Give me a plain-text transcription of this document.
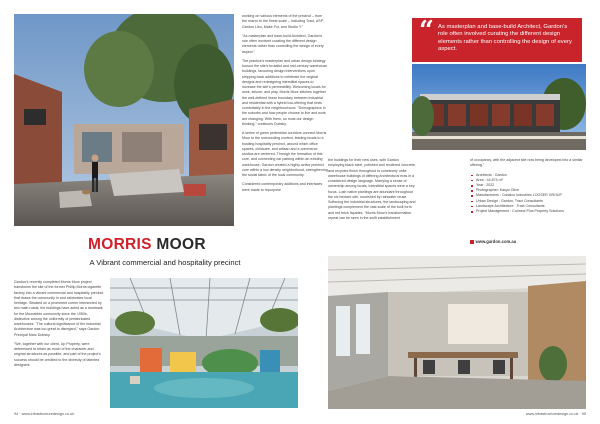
MORRIS MOOR
A Vibrant commercial and hospitality precinct

Gardon's recently completed Morris Moor project transforms the site of the former Phillip Morris cigarette factory into a vibrant commercial and hospitality precinct that draws the community in and celebrates local heritage. Situated on a prominent corner intersected by two main roads, the buildings have acted as a landmark for the Moorabbin community since the 1950s, distinctive among the uniformity of prefabricated warehouses. "The cultural significance of the industrial Architecture was too great to disregard," says Gardon Principal Marc Dubsky.

"We, together with our client, Up Property, were determined to retain as much of the character and original structures as possible, and part of the project's success should be credited to the diversity of talented designers

working on various elements of the precinct – from the macro to the finest scale – including Tract, ASP, Gardon Lieu, Make Fur, and Studio Y."

"As masterplan and base-build Architect, Gardon's role often involved curating the different design elements rather than controlling the design of every aspect."

The practice's masterplan and urban design strategy honour the site's brutalist and mid-century warehouse buildings, favouring design interventions upon stripping back additions to celebrate the original designs and redesigning interstitial spaces to increase the site's permeability. Welcoming locals for work, leisure, and play, Morris Moor stitches together the well-defined linear boundary between industrial and residential with a hybrid low-offering that rests comfortably in the neighbourhood. "Demographics in the suburbs and how people choose to live and work are changing. With them, so must our design thinking," continues Dubsky.

A series of green pedestrian corridors connect Morris Moor to the surrounding context, leading locals to a bustling hospitality precinct, around which office spaces, childcare, and artisan and e-commerce studios are centered. Through the formation of this core, and connecting car parking within an existing warehouse, Gardon created a highly active precinct core within a low density neighborhood, strengthening the social fabric of the local community.

Considered contemporary additions and interfaces were made to repurpose

“ As masterplan and base-build Architect, Gardon's role often involved curating the different design elements rather than controlling the design of every aspect.

the buildings for their new uses, with Gardon employing black steel, polished and rendered concrete, and recycled finish throughout to cohesively unite warehouse buildings of differing Architectural eras in a considered design language. Marrying a sense of ownership among locals, interstitial spaces were a key focus. Lush native plantings are abundant throughout the six hectare site, nourished by rainwater reuse. Softening the industrial structures, the landscaping and plantings complement the vast scale of the built form and red brick façades. "Morris Moor's transformation repeat can be seen in the swift establishment

of occupancy, with the adjacent site now being developed into a similar offering."

Architects : Gardon
Area : 44,874 m²
Year : 2022
Photographer: Kasyo Olive
Manufacturers : Cobalco Industries LOOSER GROUP
Urban Design : Gardon, Tract Consultants
Landscape Architecture : Tract Consultants
Project Management : Connect Plus Property Solutions
www.gardon.com.au
94 · www.infrastructuredesign.co.uk	www.infrastructuredesign.co.uk · 95
